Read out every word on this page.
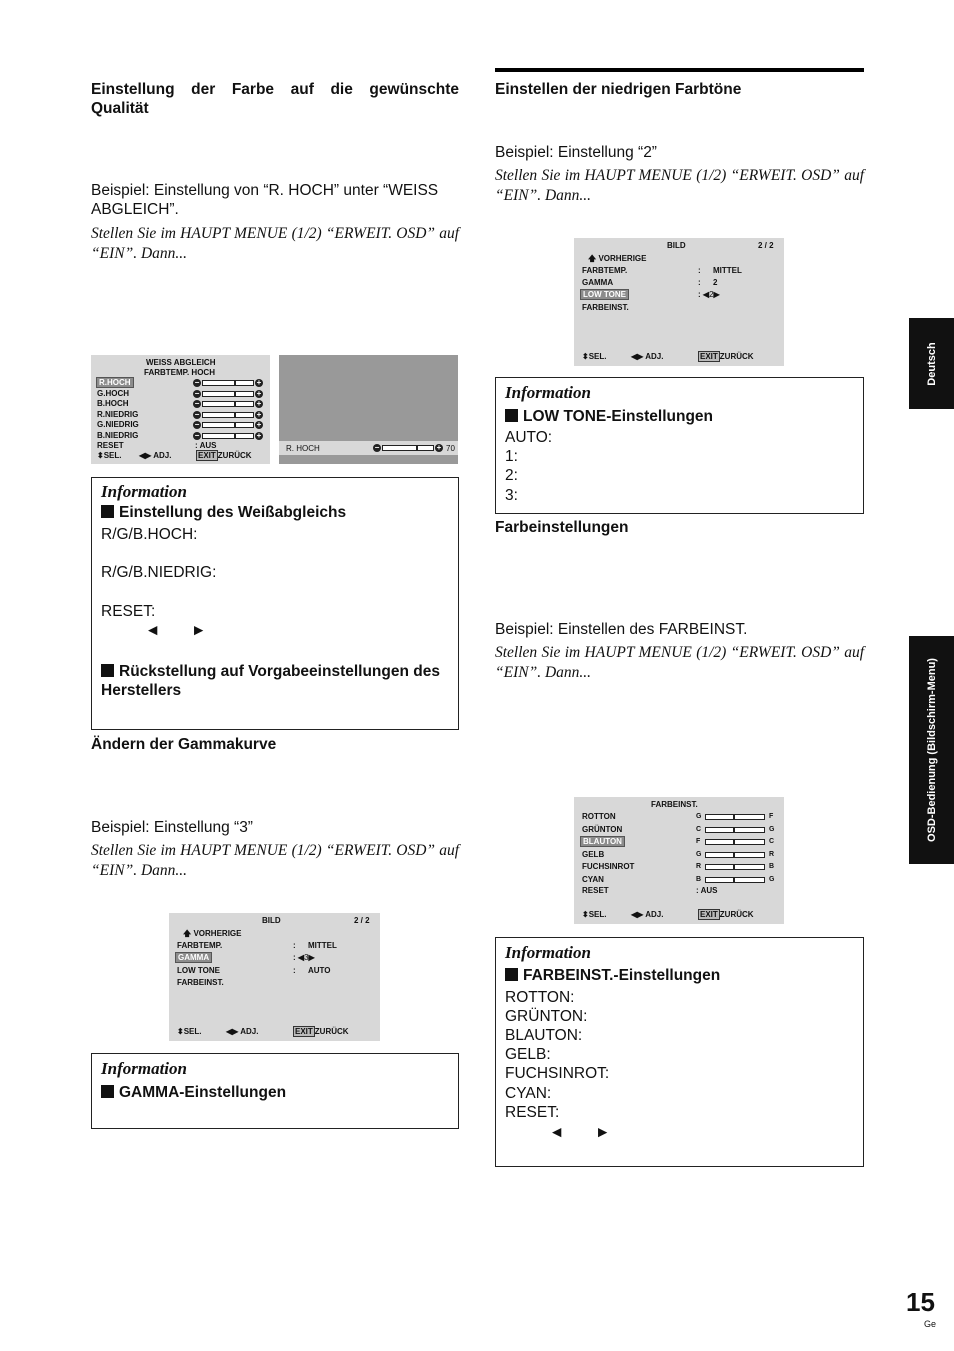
Einstellung der Farbe auf die gewünschte Qualität
Beispiel: Einstellung von “R. HOCH” unter “WEISS ABGLEICH”.
Stellen Sie im HAUPT MENUE (1/2) “ERWEIT. OSD” auf “EIN”. Dann...
WEISS ABGLEICH
FARBTEMP. HOCH
R.HOCH	−	+
G.HOCH	−	+
B.HOCH	−	+
R.NIEDRIG	−	+
G.NIEDRIG	−	+
B.NIEDRIG	−	+
RESET	: AUS
⬍SEL. ◀▶ ADJ.	EXIT ZURÜCK
R. HOCH	−	+ 70
Information
Einstellung des Weißabgleichs
R/G/B.HOCH:
R/G/B.NIEDRIG:
RESET:
◄ ►
Rückstellung auf Vorgabeeinstellungen des Herstellers
Ändern der Gammakurve
Beispiel: Einstellung “3”
Stellen Sie im HAUPT MENUE (1/2) “ERWEIT. OSD” auf “EIN”. Dann...
BILD	2 / 2
🡅 VORHERIGE
FARBTEMP.	: MITTEL
GAMMA	: ◀3▶
LOW TONE	: AUTO
FARBEINST.
⬍SEL.	◀▶ ADJ.	EXIT ZURÜCK
Information
GAMMA-Einstellungen
Einstellen der niedrigen Farbtöne
Beispiel: Einstellung “2”
Stellen Sie im HAUPT MENUE (1/2) “ERWEIT. OSD” auf “EIN”. Dann...
BILD	2 / 2
🡅 VORHERIGE
FARBTEMP.	: MITTEL
GAMMA	: 2
LOW TONE	: ◀2▶
FARBEINST.
⬍SEL.	◀▶ ADJ.	EXIT ZURÜCK
Information
LOW TONE-Einstellungen
AUTO:
1:
2:
3:
Farbeinstellungen
Beispiel: Einstellen des FARBEINST.
Stellen Sie im HAUPT MENUE (1/2) “ERWEIT. OSD” auf “EIN”. Dann...
FARBEINST.
ROTTON	G	F
GRÜNTON	C	G
BLAUTON	F	C
GELB	G	R
FUCHSINROT	R	B
CYAN	B	G
RESET	: AUS
⬍SEL.	◀▶ ADJ.	EXIT ZURÜCK
Information
FARBEINST.-Einstellungen
ROTTON:
GRÜNTON:
BLAUTON:
GELB:
FUCHSINROT:
CYAN:
RESET:
◄ ►
Deutsch
OSD-Bedienung (Bildschirm-Menu)
15
Ge
